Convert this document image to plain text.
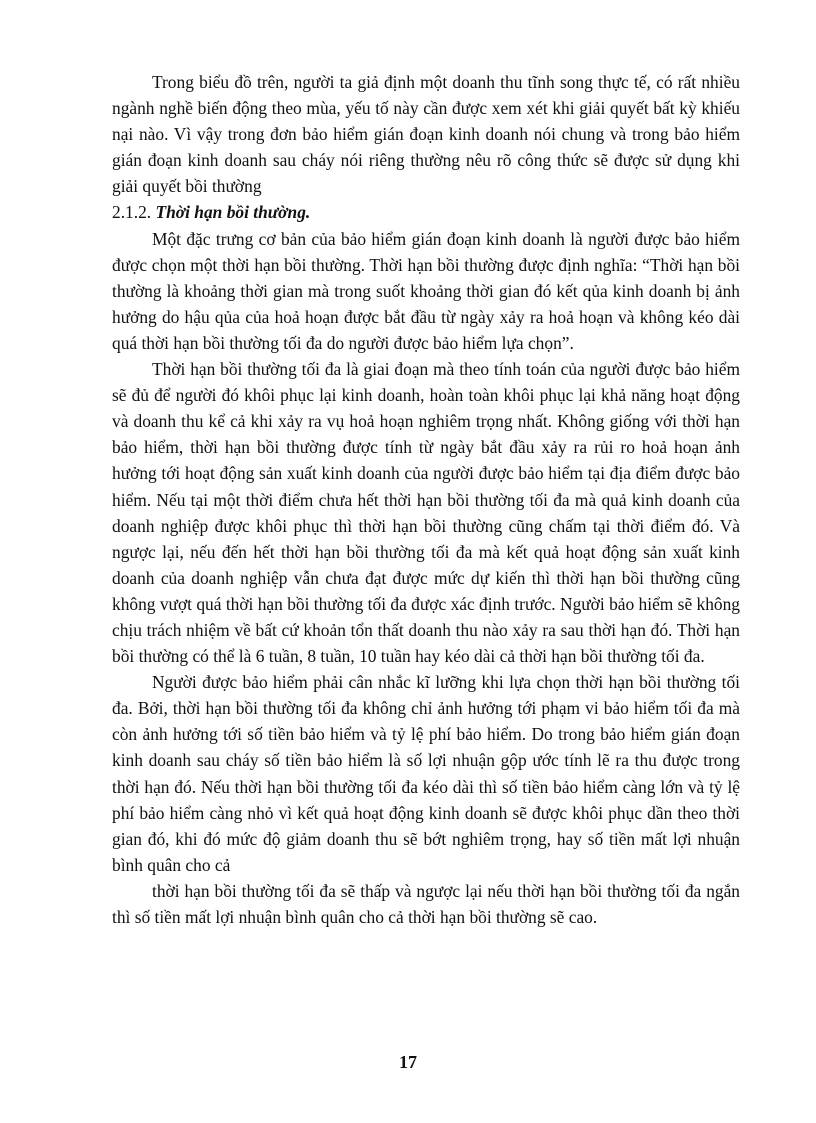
Trong biểu đồ trên, người ta giả định một doanh thu tĩnh song thực tế, có rất nhiều ngành nghề biến động theo mùa, yếu tố này cần được xem xét khi giải quyết bất kỳ khiếu nại nào. Vì vậy trong đơn bảo hiểm gián đoạn kinh doanh nói chung và trong bảo hiểm gián đoạn kinh doanh sau cháy nói riêng thường nêu rõ công thức sẽ được sử dụng khi giải quyết bồi thường

2.1.2. Thời hạn bồi thường.

Một đặc trưng cơ bản của bảo hiểm gián đoạn kinh doanh là người được bảo hiểm được chọn một thời hạn bồi thường. Thời hạn bồi thường được định nghĩa: “Thời hạn bồi thường là khoảng thời gian mà trong suốt khoảng thời gian đó kết qủa kinh doanh bị ảnh hưởng do hậu qủa của hoả hoạn được bắt đầu từ ngày xảy ra hoả hoạn và không kéo dài quá thời hạn bồi thường tối đa do người được bảo hiểm lựa chọn”.

Thời hạn bồi thường tối đa là giai đoạn mà theo tính toán của người được bảo hiểm sẽ đủ để người đó khôi phục lại kinh doanh, hoàn toàn khôi phục lại khả năng hoạt động và doanh thu kể cả khi xảy ra vụ hoả hoạn nghiêm trọng nhất. Không giống với thời hạn bảo hiểm, thời hạn bồi thường được tính từ ngày bắt đầu xảy ra rủi ro hoả hoạn ảnh hưởng tới hoạt động sản xuất kinh doanh của người được bảo hiểm tại địa điểm được bảo hiểm. Nếu tại một thời điểm chưa hết thời hạn bồi thường tối đa mà quả kinh doanh của doanh nghiệp được khôi phục thì thời hạn bồi thường cũng chấm tại thời điểm đó. Và ngược lại, nếu đến hết thời hạn bồi thường tối đa mà kết quả hoạt động sản xuất kinh doanh của doanh nghiệp vẫn chưa đạt được mức dự kiến thì thời hạn bồi thường cũng không vượt quá thời hạn bồi thường tối đa được xác định trước. Người bảo hiểm sẽ không chịu trách nhiệm về bất cứ khoản tổn thất doanh thu nào xảy ra sau thời hạn đó. Thời hạn bồi thường có thể là 6 tuần, 8 tuần, 10 tuần hay kéo dài cả thời hạn bồi thường tối đa.

Người được bảo hiểm phải cân nhắc kĩ lưỡng khi lựa chọn thời hạn bồi thường tối đa. Bởi, thời hạn bồi thường tối đa không chỉ ảnh hưởng tới phạm vi bảo hiểm tối đa mà còn ảnh hưởng tới số tiền bảo hiểm và tỷ lệ phí bảo hiểm. Do trong bảo hiểm gián đoạn kinh doanh sau cháy số tiền bảo hiểm là số lợi nhuận gộp ước tính lẽ ra thu được trong thời hạn đó. Nếu thời hạn bồi thường tối đa kéo dài thì số tiền bảo hiểm càng lớn và tỷ lệ phí bảo hiểm càng nhỏ vì kết quả hoạt động kinh doanh sẽ được khôi phục dần theo thời gian đó, khi đó mức độ giảm doanh thu sẽ bớt nghiêm trọng, hay số tiền mất lợi nhuận bình quân cho cả

thời hạn bồi thường tối đa sẽ thấp và ngược lại nếu thời hạn bồi thường tối đa ngắn thì số tiền mất lợi nhuận bình quân cho cả thời hạn bồi thường sẽ cao.

17
